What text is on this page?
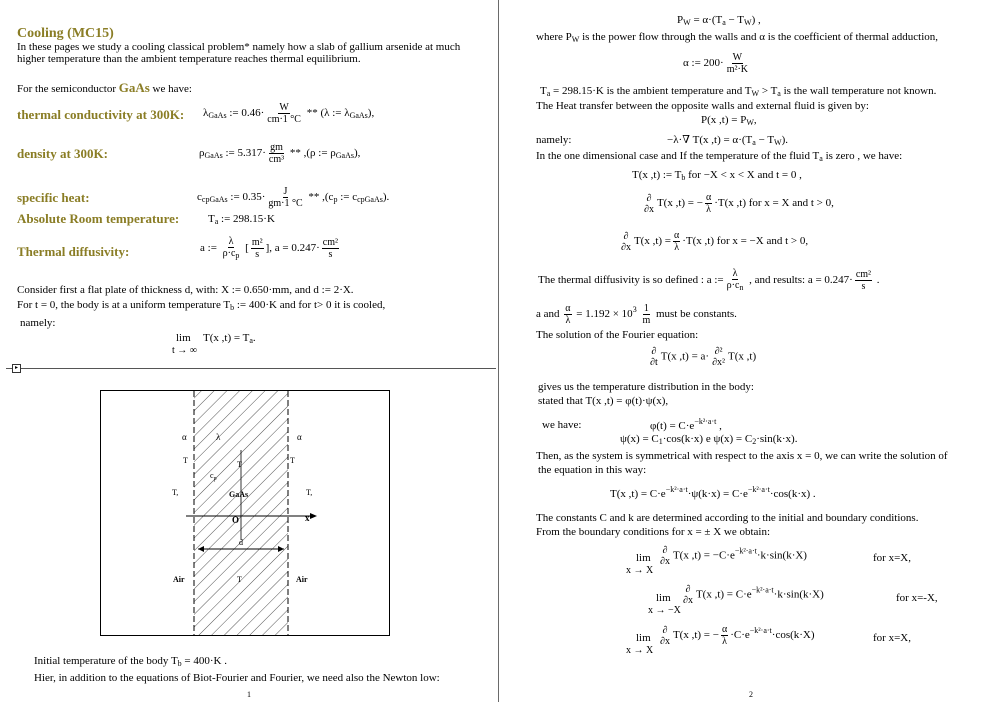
Cooling (MC15)
In these pages we study a cooling classical problem* namely how a slab of gallium arsenide at much
higher temperature than the ambient temperature reaches thermal equilibrium.
For the semiconductor GaAs we have:
thermal conductivity at 300K: $\lambda_{GaAs}$ := $0.46\cdot \frac{W}{cm\cdot 1 ^\circ C} ** (\lambda$ := $\lambda_{GaAs}$),
density at 300K:	$\rho_{GaAs}$ := $5.317\cdot \frac{gm}{\text{cm³}} ** ,(\rho$ := $\rho_{GaAs}$),
specific heat:	$c_{cpGaAs}$ := $0.35\cdot \frac{J}{gm\cdot 1 ^\circ C} ** ,(c_p$ := $c_{cpGaAs}$).
Absolute Room temperature:	$T_a$ := 298.15·K
Thermal diffusivity:	a := $\frac{\lambda}{\rho\cdot c_p}$ [ $\frac{\text{m²}}{s}$ ], $a = 0.247\cdot \frac{\text{cm²}}{s}$
Consider first a flat plate of thickness d, with: X := 0.650·mm, and d := 2·X.
For t = 0, the body is at a uniform temperature $T_b$ := 400·K and for t> 0 it is cooled,
namely:
lim T(x $,t) = T_a$.
t → ∞
▸
α	α
λ
T	T	T
$c_p$
T,	GaAs	T,
O	x
d
Air	T	Air
Initial temperature of the body $T_b = 400\cdot K$ .
Hier, in addition to the equations of Biot-Fourier and Fourier, we need also the Newton low:
1
$P_W = \alpha\cdot(T_a - T_W)$ ,
where $P_W$ is the power flow through the walls and α is the coefficient of thermal adduction,
α := $200\cdot \frac{W}{\text{m²·K}}$
$T_a = 298.15\cdot K$ is the ambient temperature and $T_W > T_a$ is the wall temperature not known.
The Heat transfer between the opposite walls and external fluid is given by:
P(x $,t) = P_W$,
namely:	−λ·∇ T(x $,t) = \alpha\cdot(T_a - T_W)$.
In the one dimensional case and If the temperature of the fluid $T_a$ is zero , we have:
T(x ,t) := $T_b$ for −X < x < X and t = 0 ,
∂
∂x T(x ,t) = − $\frac{\alpha}{\lambda} \cdot T(x$ ,t) for x = X and t > 0,
∂
∂x T(x $,t) = \frac{\alpha}{\lambda} \cdot T(x$ ,t) for x = −X and t > 0,
The thermal diffusivity is so defined : a := $\frac{\lambda}{\rho\cdot c_n}$ , and results: $a = 0.247\cdot \frac{\text{cm²}}{s}$ .
a and $\frac{\alpha}{\lambda} = 1.192 \times 10^3 \frac{1}{m}$ must be constants.
The solution of the Fourier equation:
∂
∂t T(x ,t) = a· ∂²
∂x² T(x ,t)
gives us the temperature distribution in the body:
stated that T(x ,t) = φ(t)·ψ(x),
we have:	$\varphi(t) = C\cdot e^{-k^2\cdot a\cdot t}$ ,
$\psi(x) = C_1\cdot\cos(k\cdot x)$ e $\psi(x) = C_2\cdot\sin(k\cdot x)$.
Then, as the system is symmetrical with respect to the axis x = 0, we can write the solution of
the equation in this way:
T(x $,t) = C\cdot e^{-k^2\cdot a\cdot t}\cdot\psi(k\cdot x) = C\cdot e^{-k^2\cdot a\cdot t}\cdot\cos(k\cdot x)$ .
The constants C and k are determined according to the initial and boundary conditions.
From the boundary conditions for x = ± X we obtain:
lim
x → X
∂
∂x T(x $,t) = -C\cdot e^{-k^2\cdot a\cdot t}\cdot k\cdot\sin(k\cdot X)$	for x=X,
lim
x → −X
∂
∂x T(x $,t) = C\cdot e^{-k^2\cdot a\cdot t}\cdot k\cdot\sin(k\cdot X)$	for x=-X,
lim
x → X
∂
∂x T(x ,t) = − $\frac{\alpha}{\lambda} \cdot C\cdot e^{-k^2\cdot a\cdot t}\cdot\cos(k\cdot X)$	for x=X,
2
